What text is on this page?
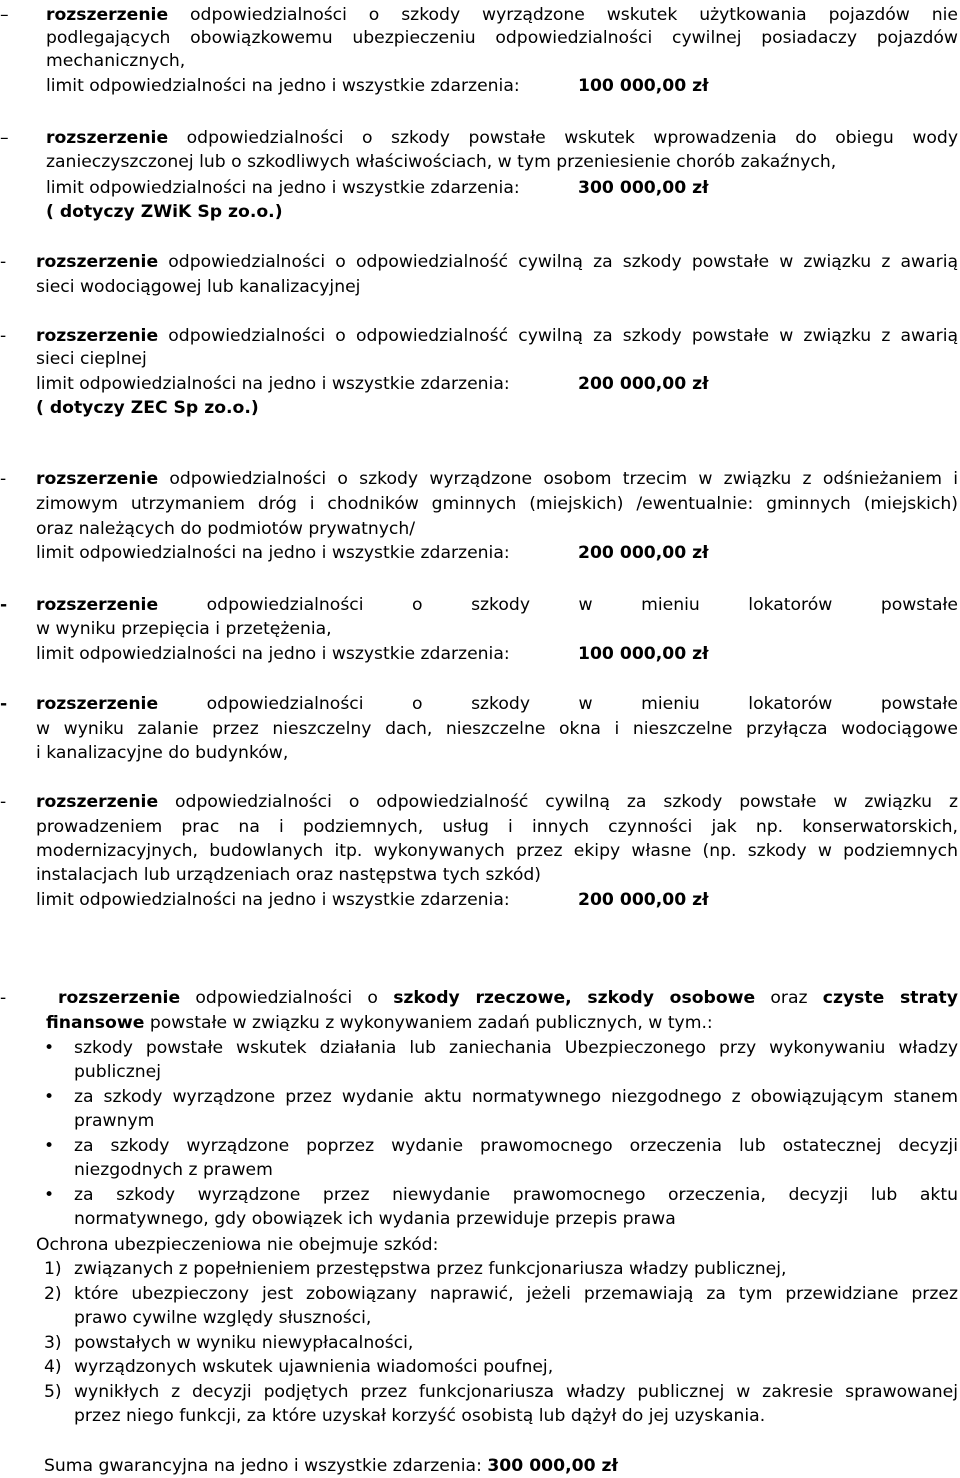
– rozszerzenie odpowiedzialności o szkody wyrządzone wskutek użytkowania pojazdów nie
podlegających obowiązkowemu ubezpieczeniu odpowiedzialności cywilnej posiadaczy pojazdów
mechanicznych,
limit odpowiedzialności na jedno i wszystkie zdarzenia:	100 000,00 zł
– rozszerzenie odpowiedzialności o szkody powstałe wskutek wprowadzenia do obiegu wody
zanieczyszczonej lub o szkodliwych właściwościach, w tym przeniesienie chorób zakaźnych,
limit odpowiedzialności na jedno i wszystkie zdarzenia:	300 000,00 zł
( dotyczy ZWiK Sp zo.o.)
- rozszerzenie odpowiedzialności o odpowiedzialność cywilną za szkody powstałe w związku z awarią
sieci wodociągowej lub kanalizacyjnej
- rozszerzenie odpowiedzialności o odpowiedzialność cywilną za szkody powstałe w związku z awarią
sieci cieplnej
limit odpowiedzialności na jedno i wszystkie zdarzenia:	200 000,00 zł
( dotyczy ZEC Sp zo.o.)
- rozszerzenie odpowiedzialności o szkody wyrządzone osobom trzecim w związku z odśnieżaniem i
zimowym utrzymaniem dróg i chodników gminnych (miejskich) /ewentualnie: gminnych (miejskich)
oraz należących do podmiotów prywatnych/
limit odpowiedzialności na jedno i wszystkie zdarzenia:	200 000,00 zł
- rozszerzenie	odpowiedzialności o szkody w mieniu lokatorów powstałe
w wyniku przepięcia i przetężenia,
limit odpowiedzialności na jedno i wszystkie zdarzenia:	100 000,00 zł
- rozszerzenie	odpowiedzialności o szkody w mieniu lokatorów powstałe
w wyniku zalanie przez nieszczelny dach, nieszczelne okna i nieszczelne przyłącza wodociągowe
i kanalizacyjne do budynków,
- rozszerzenie odpowiedzialności o odpowiedzialność cywilną za szkody powstałe w związku z
prowadzeniem prac na i podziemnych, usług i innych czynności jak np. konserwatorskich,
modernizacyjnych, budowlanych itp. wykonywanych przez ekipy własne (np. szkody w podziemnych
instalacjach lub urządzeniach oraz następstwa tych szkód)
limit odpowiedzialności na jedno i wszystkie zdarzenia:	200 000,00 zł
-	rozszerzenie odpowiedzialności o szkody rzeczowe, szkody osobowe oraz czyste straty
finansowe powstałe w związku z wykonywaniem zadań publicznych, w tym.:
• szkody powstałe wskutek działania lub zaniechania Ubezpieczonego przy wykonywaniu władzy
publicznej
• za szkody wyrządzone przez wydanie aktu normatywnego niezgodnego z obowiązującym stanem
prawnym
• za szkody wyrządzone poprzez wydanie prawomocnego orzeczenia lub ostatecznej decyzji
niezgodnych z prawem
• za szkody wyrządzone przez niewydanie prawomocnego orzeczenia, decyzji lub aktu
normatywnego, gdy obowiązek ich wydania przewiduje przepis prawa
Ochrona ubezpieczeniowa nie obejmuje szkód:
1) związanych z popełnieniem przestępstwa przez funkcjonariusza władzy publicznej,
2) które ubezpieczony jest zobowiązany naprawić, jeżeli przemawiają za tym przewidziane przez
prawo cywilne względy słuszności,
3) powstałych w wyniku niewypłacalności,
4) wyrządzonych wskutek ujawnienia wiadomości poufnej,
5) wynikłych z decyzji podjętych przez funkcjonariusza władzy publicznej w zakresie sprawowanej
przez niego funkcji, za które uzyskał korzyść osobistą lub dążył do jej uzyskania.
Suma gwarancyjna na jedno i wszystkie zdarzenia: 300 000,00 zł
